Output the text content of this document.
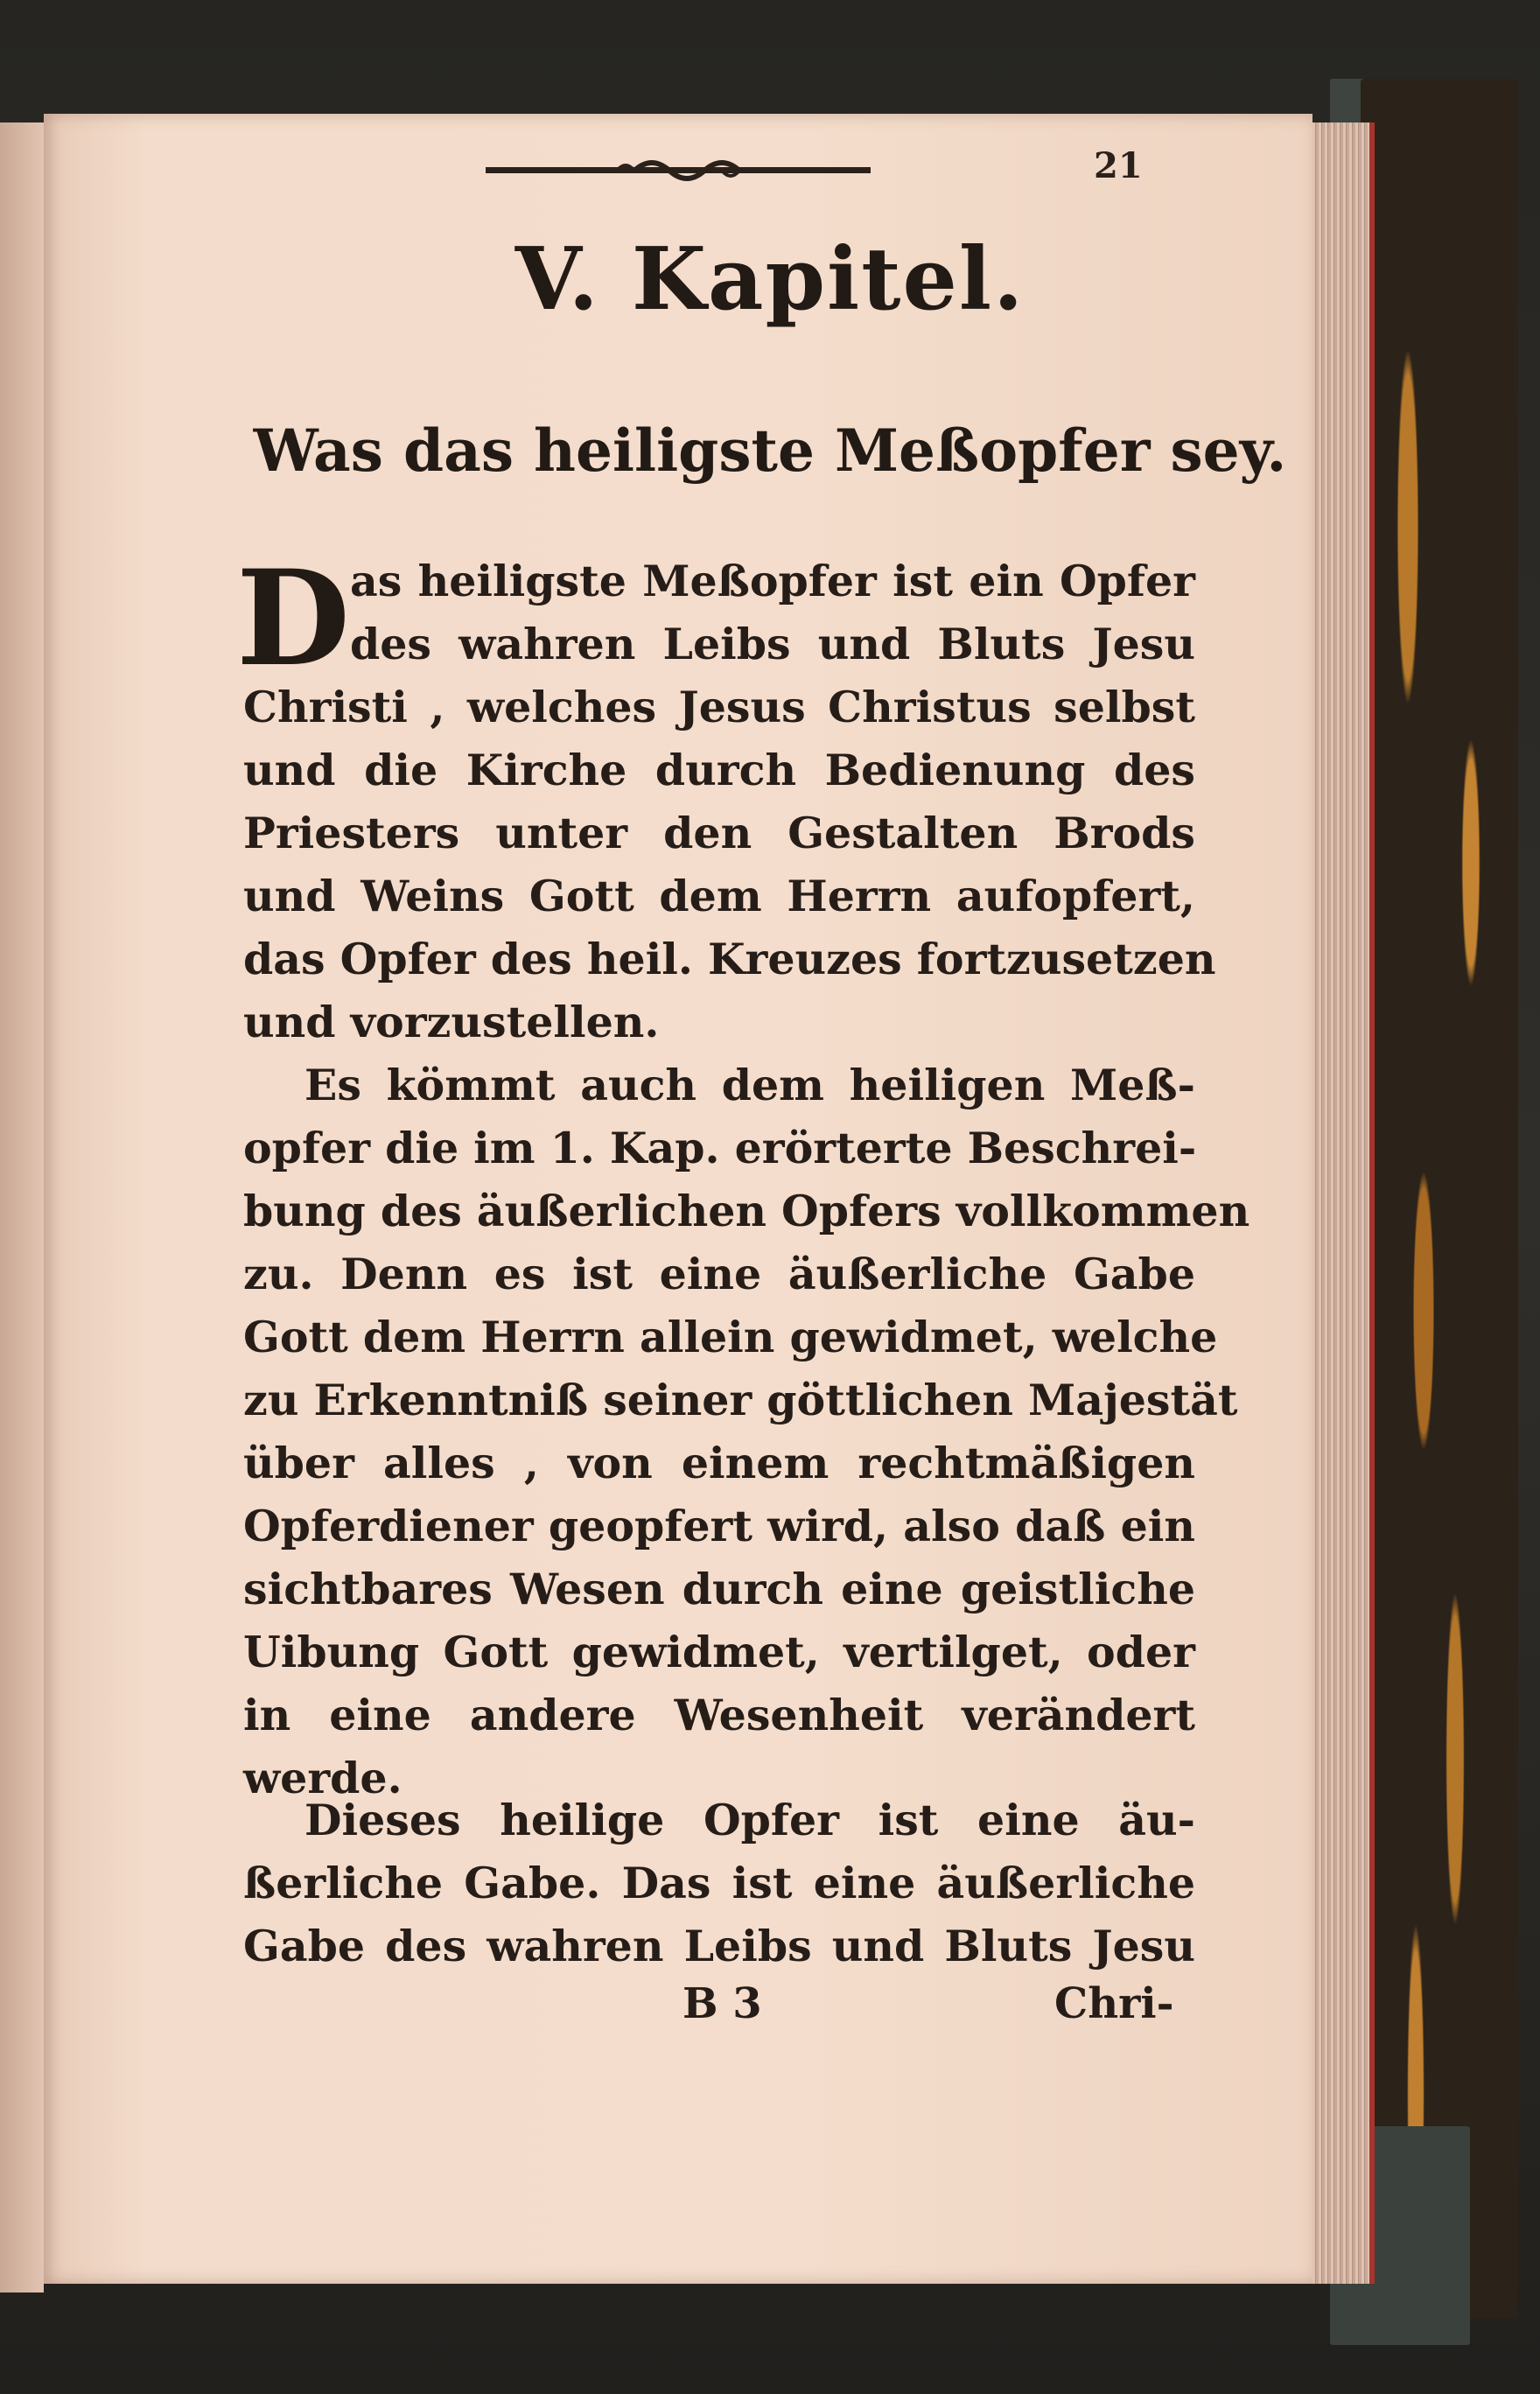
21
V. Kapitel.
Was das heiligste Meßopfer sey.
D as heiligste Meßopfer ist ein Opfer
des wahren Leibs und Bluts Jesu
Christi , welches Jesus Christus selbst
und die Kirche durch Bedienung des
Priesters unter den Gestalten Brods
und Weins Gott dem Herrn aufopfert,
das Opfer des heil. Kreuzes fortzusetzen
und vorzustellen.
Es kömmt auch dem heiligen Meß-
opfer die im 1. Kap. erörterte Beschrei-
bung des äußerlichen Opfers vollkommen
zu. Denn es ist eine äußerliche Gabe
Gott dem Herrn allein gewidmet, welche
zu Erkenntniß seiner göttlichen Majestät
über alles , von einem rechtmäßigen
Opferdiener geopfert wird, also daß ein
sichtbares Wesen durch eine geistliche
Uibung Gott gewidmet, vertilget, oder
in eine andere Wesenheit verändert
werde.
Dieses heilige Opfer ist eine äu-
ßerliche Gabe. Das ist eine äußerliche
Gabe des wahren Leibs und Bluts Jesu
B 3	Chri-
